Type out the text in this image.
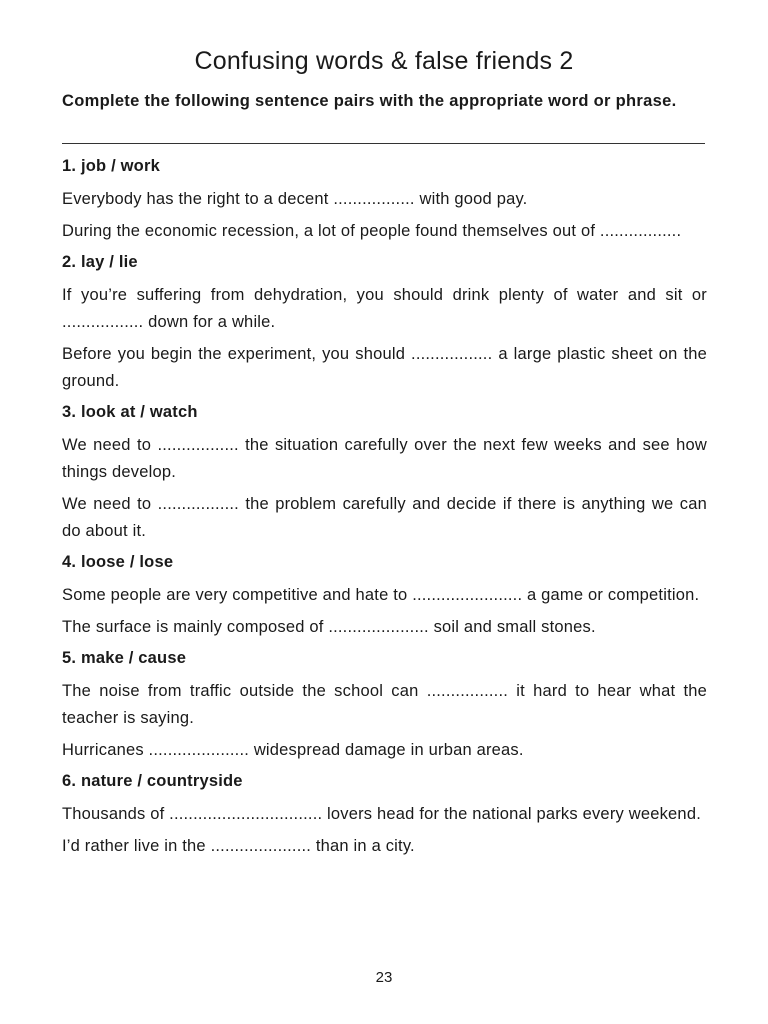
Confusing words & false friends 2
Complete the following sentence pairs with the appropriate word or phrase.
1. job / work
Everybody has the right to a decent ................. with good pay.
During the economic recession, a lot of people found themselves out of .................
2. lay / lie
If you’re suffering from dehydration, you should drink plenty of water and sit or ................. down for a while.
Before you begin the experiment, you should ................. a large plastic sheet on the ground.
3. look at / watch
We need to ................. the situation carefully over the next few weeks and see how things develop.
We need to ................. the problem carefully and decide if there is anything we can do about it.
4. loose / lose
Some people are very competitive and hate to ....................... a game or competition.
The surface is mainly composed of ..................... soil and small stones.
5. make / cause
The noise from traffic outside the school can ................. it hard to hear what the teacher is saying.
Hurricanes ..................... widespread damage in urban areas.
6. nature / countryside
Thousands of ................................ lovers head for the national parks every weekend.
I’d rather live in the ..................... than in a city.
23
